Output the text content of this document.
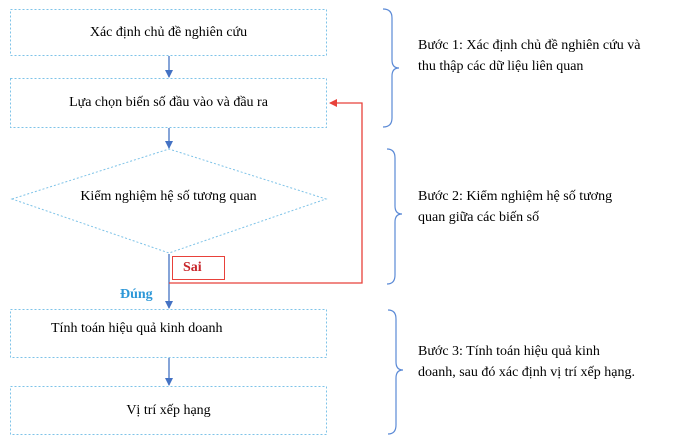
Xác định chủ đề nghiên cứu
Lựa chọn biến số đầu vào và đầu ra
Kiểm nghiệm hệ số tương quan
Tính toán hiệu quả kinh doanh
Vị trí xếp hạng
Sai
Đúng
Bước 1: Xác định chủ đề nghiên cứu và
thu thập các dữ liệu liên quan
Bước 2: Kiểm nghiệm hệ số tương
quan giữa các biến số
Bước 3: Tính toán hiệu quả kinh
doanh, sau đó xác định vị trí xếp hạng.
